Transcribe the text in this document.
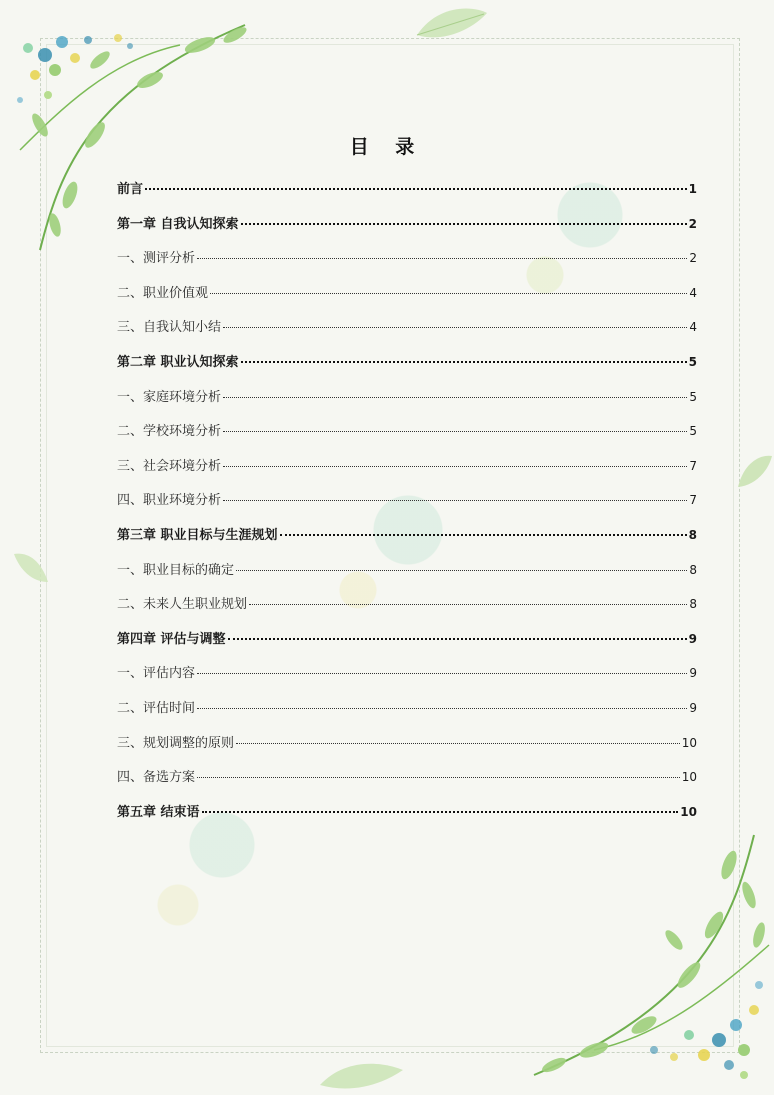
目 录
前言	1
第一章 自我认知探索	2
一、测评分析	2
二、职业价值观	4
三、自我认知小结	4
第二章 职业认知探索	5
一、家庭环境分析	5
二、学校环境分析	5
三、社会环境分析	7
四、职业环境分析	7
第三章 职业目标与生涯规划	8
一、职业目标的确定	8
二、未来人生职业规划	8
第四章 评估与调整	9
一、评估内容	9
二、评估时间	9
三、规划调整的原则	10
四、备选方案	10
第五章 结束语	10
